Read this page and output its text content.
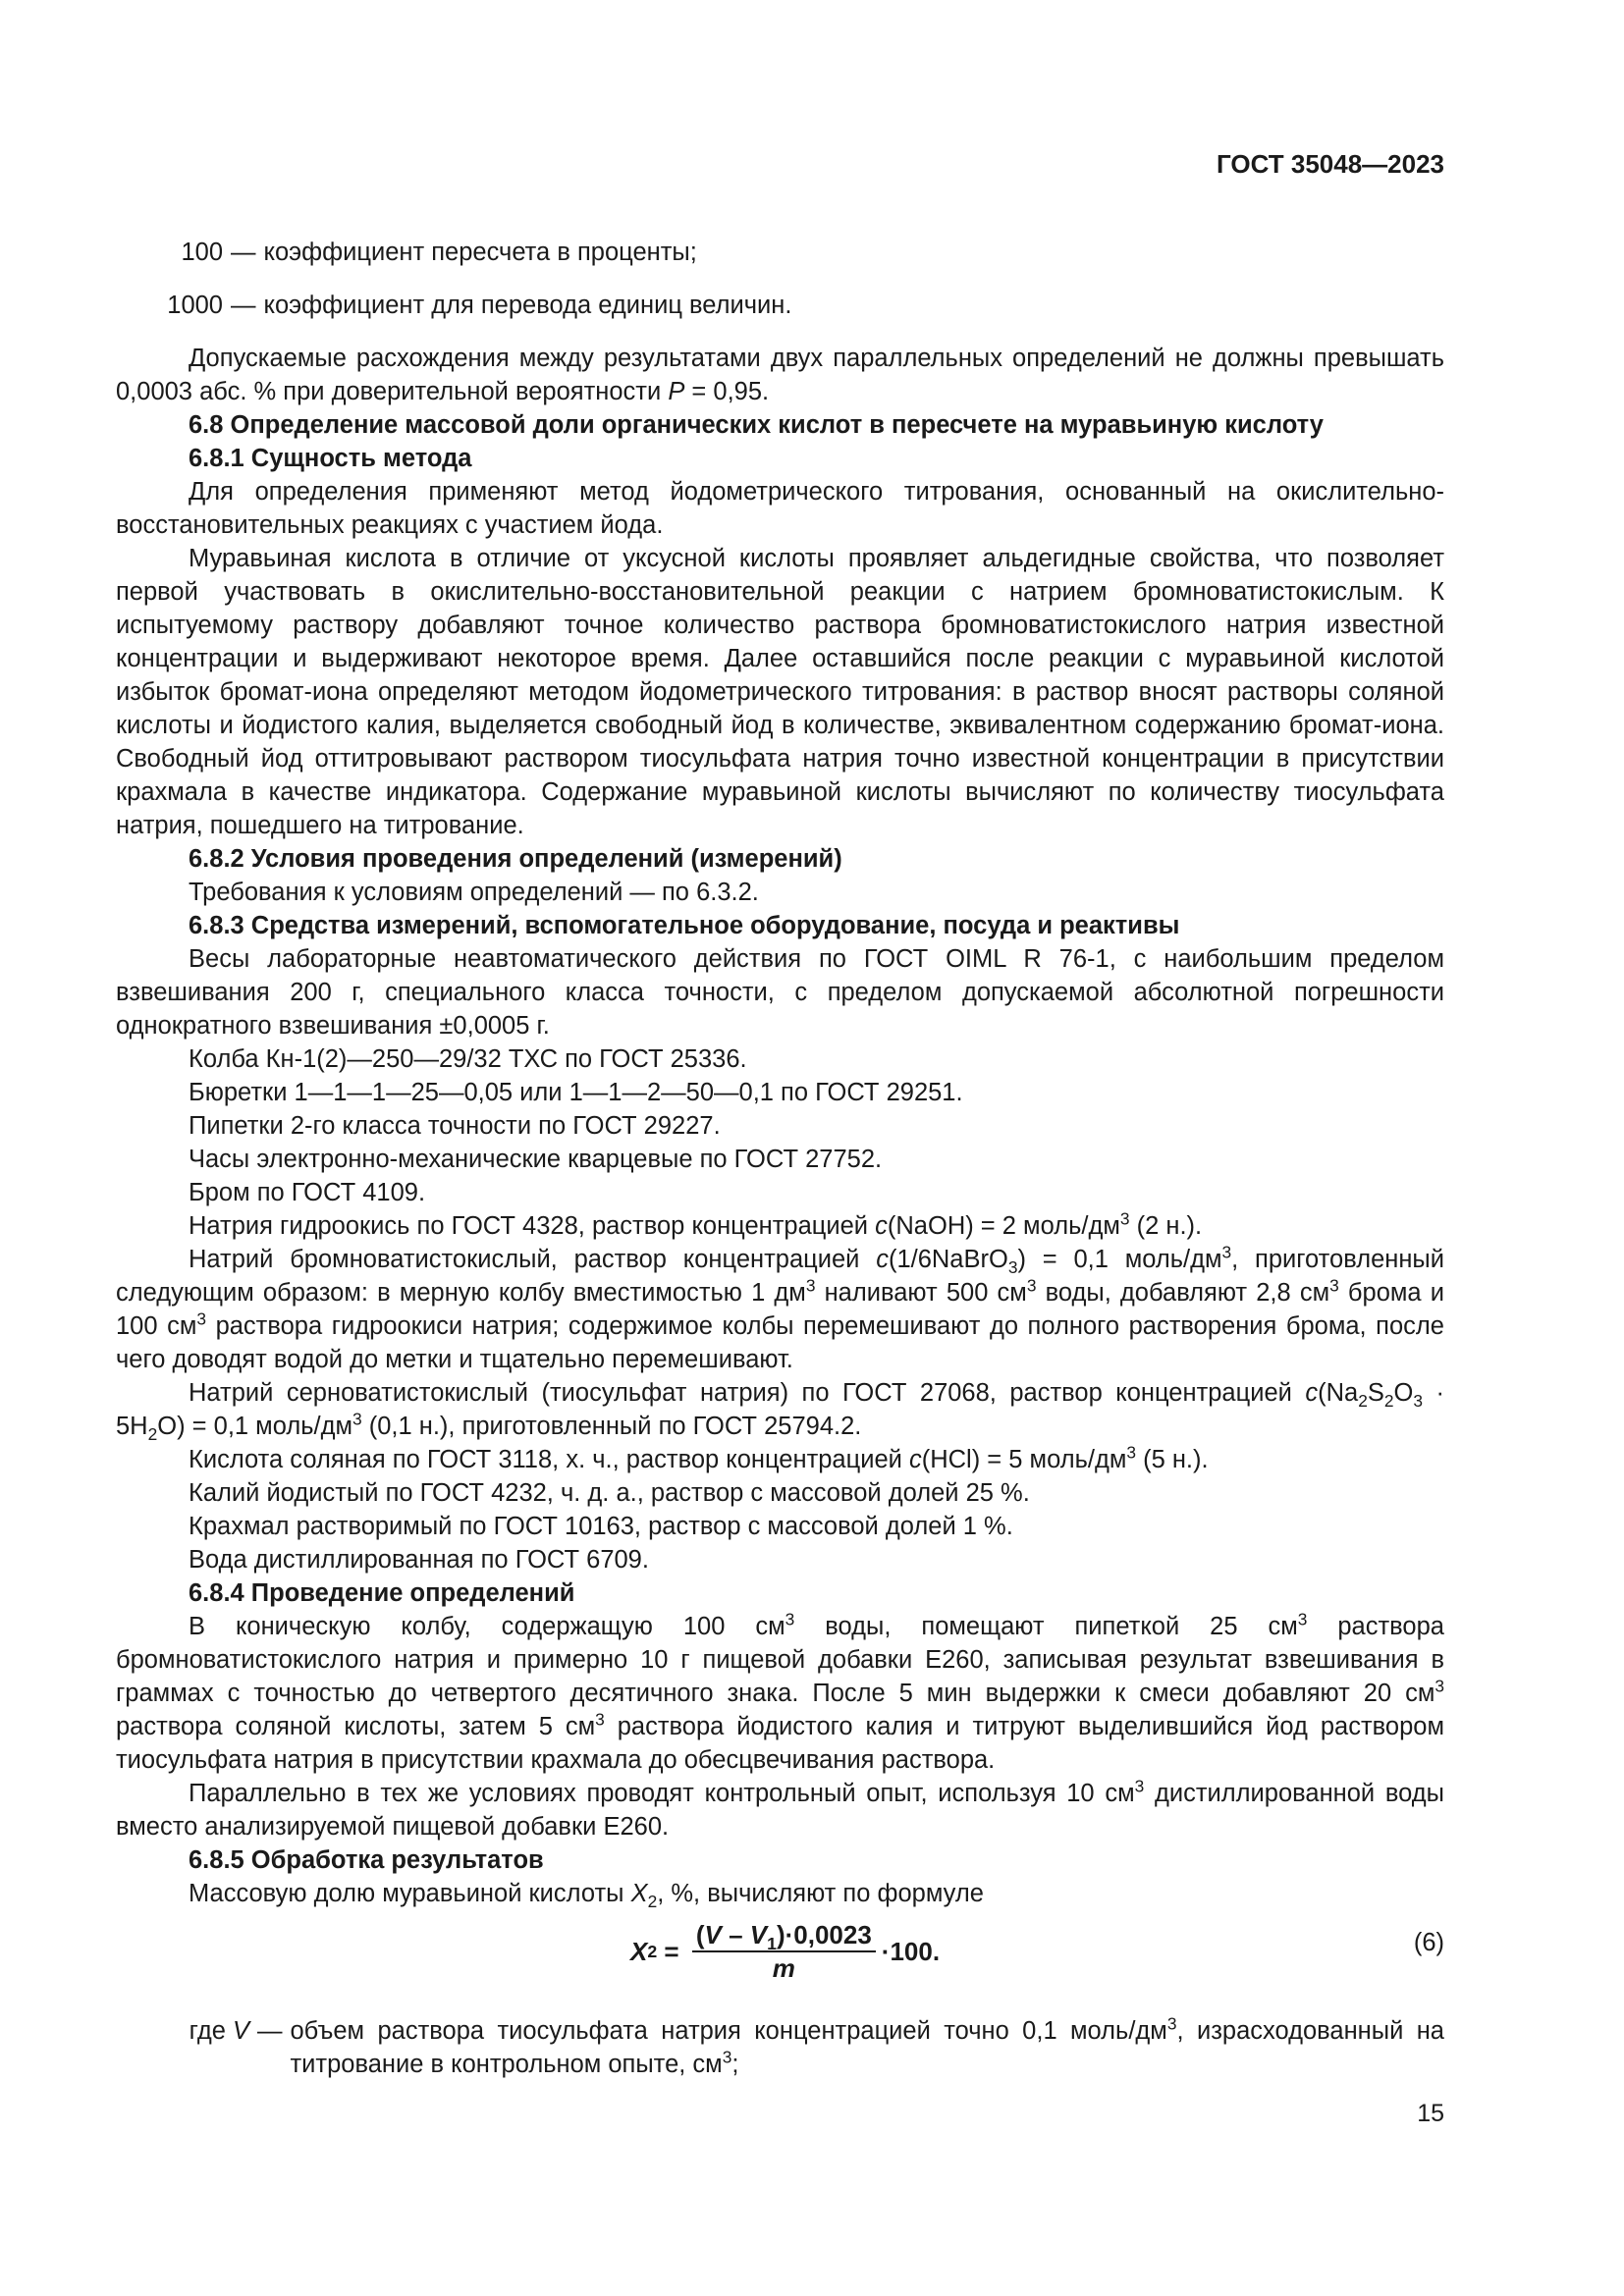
ГОСТ 35048—2023
100 — коэффициент пересчета в проценты;
1000 — коэффициент для перевода единиц величин.

Допускаемые расхождения между результатами двух параллельных определений не должны превышать 0,0003 абс. % при доверительной вероятности P = 0,95.

6.8 Определение массовой доли органических кислот в пересчете на муравьиную кислоту

6.8.1 Сущность метода

Для определения применяют метод йодометрического титрования, основанный на окислительно-восстановительных реакциях с участием йода.

Муравьиная кислота в отличие от уксусной кислоты проявляет альдегидные свойства, что позволяет первой участвовать в окислительно-восстановительной реакции с натрием бромноватистокислым. К испытуемому раствору добавляют точное количество раствора бромноватистокислого натрия известной концентрации и выдерживают некоторое время. Далее оставшийся после реакции с муравьиной кислотой избыток бромат-иона определяют методом йодометрического титрования: в раствор вносят растворы соляной кислоты и йодистого калия, выделяется свободный йод в количестве, эквивалентном содержанию бромат-иона. Свободный йод оттитровывают раствором тиосульфата натрия точно известной концентрации в присутствии крахмала в качестве индикатора. Содержание муравьиной кислоты вычисляют по количеству тиосульфата натрия, пошедшего на титрование.

6.8.2 Условия проведения определений (измерений)

Требования к условиям определений — по 6.3.2.

6.8.3 Средства измерений, вспомогательное оборудование, посуда и реактивы

Весы лабораторные неавтоматического действия по ГОСТ OIML R 76-1, с наибольшим пределом взвешивания 200 г, специального класса точности, с пределом допускаемой абсолютной погрешности однократного взвешивания ±0,0005 г.

Колба Кн-1(2)—250—29/32 ТХС по ГОСТ 25336.

Бюретки 1—1—1—25—0,05 или 1—1—2—50—0,1 по ГОСТ 29251.

Пипетки 2-го класса точности по ГОСТ 29227.

Часы электронно-механические кварцевые по ГОСТ 27752.

Бром по ГОСТ 4109.

Натрия гидроокись по ГОСТ 4328, раствор концентрацией c(NaOH) = 2 моль/$дм^3$ (2 н.).

Натрий бромноватистокислый, раствор концентрацией c(1/6NaBrO$_3$) = 0,1 моль/$дм^3$, приготовленный следующим образом: в мерную колбу вместимостью 1 $дм^3$ наливают 500 $см^3$ воды, добавляют 2,8 $см^3$ брома и 100 $см^3$ раствора гидроокиси натрия; содержимое колбы перемешивают до полного растворения брома, после чего доводят водой до метки и тщательно перемешивают.

Натрий серноватистокислый (тиосульфат натрия) по ГОСТ 27068, раствор концентрацией $c(Na_2S_2O_3 \cdot 5H_2O) = 0,1$ моль/$дм^3$ (0,1 н.), приготовленный по ГОСТ 25794.2.

Кислота соляная по ГОСТ 3118, х. ч., раствор концентрацией c(HCl) = 5 моль/$дм^3$ (5 н.).

Калий йодистый по ГОСТ 4232, ч. д. а., раствор с массовой долей 25 %.

Крахмал растворимый по ГОСТ 10163, раствор с массовой долей 1 %.

Вода дистиллированная по ГОСТ 6709.

6.8.4 Проведение определений

В коническую колбу, содержащую 100 $см^3$ воды, помещают пипеткой 25 $см^3$ раствора бромноватистокислого натрия и примерно 10 г пищевой добавки Е260, записывая результат взвешивания в граммах с точностью до четвертого десятичного знака. После 5 мин выдержки к смеси добавляют 20 $см^3$ раствора соляной кислоты, затем 5 $см^3$ раствора йодистого калия и титруют выделившийся йод раствором тиосульфата натрия в присутствии крахмала до обесцвечивания раствора.

Параллельно в тех же условиях проводят контрольный опыт, используя 10 $см^3$ дистиллированной воды вместо анализируемой пищевой добавки Е260.

6.8.5 Обработка результатов

Массовую долю муравьиной кислоты $X_2$, %, вычисляют по формуле

X $2 = \frac{(V - V_1)\cdot 0,0023}{m} \cdot 100$.	(6)
где V — объем раствора тиосульфата натрия концентрацией точно 0,1 моль/$дм^3$, израсходованный на титрование в контрольном опыте, $см^3$;
15
